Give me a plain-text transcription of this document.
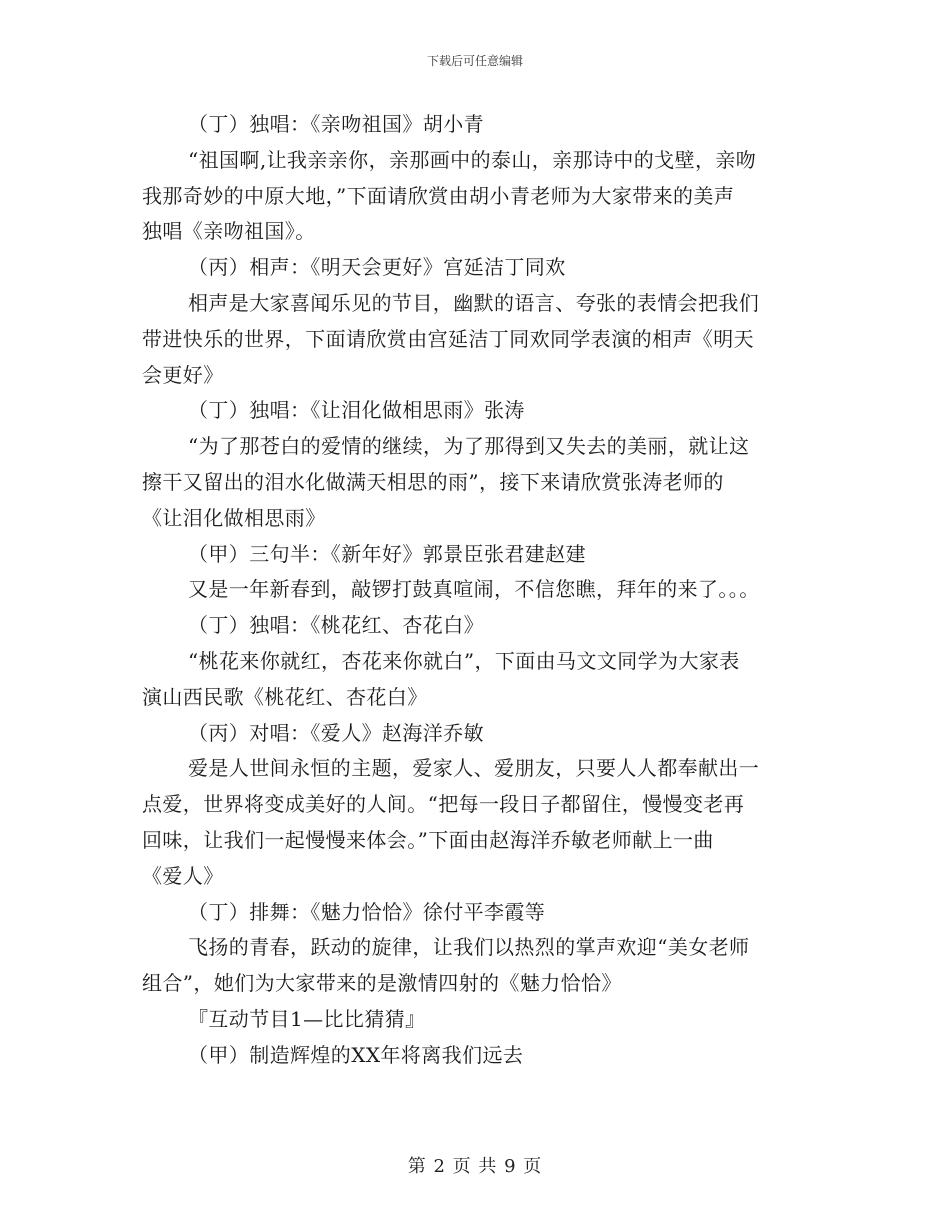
下载后可任意编辑
（丁）独唱：《亲吻祖国》胡小青
“祖国啊,让我亲亲你，亲那画中的泰山，亲那诗中的戈壁，亲吻
我那奇妙的中原大地，”下面请欣赏由胡小青老师为大家带来的美声
独唱《亲吻祖国》。
（丙）相声：《明天会更好》宫延洁丁同欢
相声是大家喜闻乐见的节目，幽默的语言、夸张的表情会把我们
带进快乐的世界，下面请欣赏由宫延洁丁同欢同学表演的相声《明天
会更好》
（丁）独唱：《让泪化做相思雨》张涛
“为了那苍白的爱情的继续，为了那得到又失去的美丽，就让这
擦干又留出的泪水化做满天相思的雨”，接下来请欣赏张涛老师的
《让泪化做相思雨》
（甲）三句半：《新年好》郭景臣张君建赵建
又是一年新春到，敲锣打鼓真喧闹，不信您瞧，拜年的来了。。。
（丁）独唱：《桃花红、杏花白》
“桃花来你就红，杏花来你就白”，下面由马文文同学为大家表
演山西民歌《桃花红、杏花白》
（丙）对唱：《爱人》赵海洋乔敏
爱是人世间永恒的主题，爱家人、爱朋友，只要人人都奉献出一
点爱，世界将变成美好的人间。“把每一段日子都留住，慢慢变老再
回味，让我们一起慢慢来体会。”下面由赵海洋乔敏老师献上一曲
《爱人》
（丁）排舞：《魅力恰恰》徐付平李霞等
飞扬的青春，跃动的旋律，让我们以热烈的掌声欢迎“美女老师
组合”，她们为大家带来的是激情四射的《魅力恰恰》
『互动节目1—比比猜猜』
（甲）制造辉煌的XX年将离我们远去
第 2 页 共 9 页
